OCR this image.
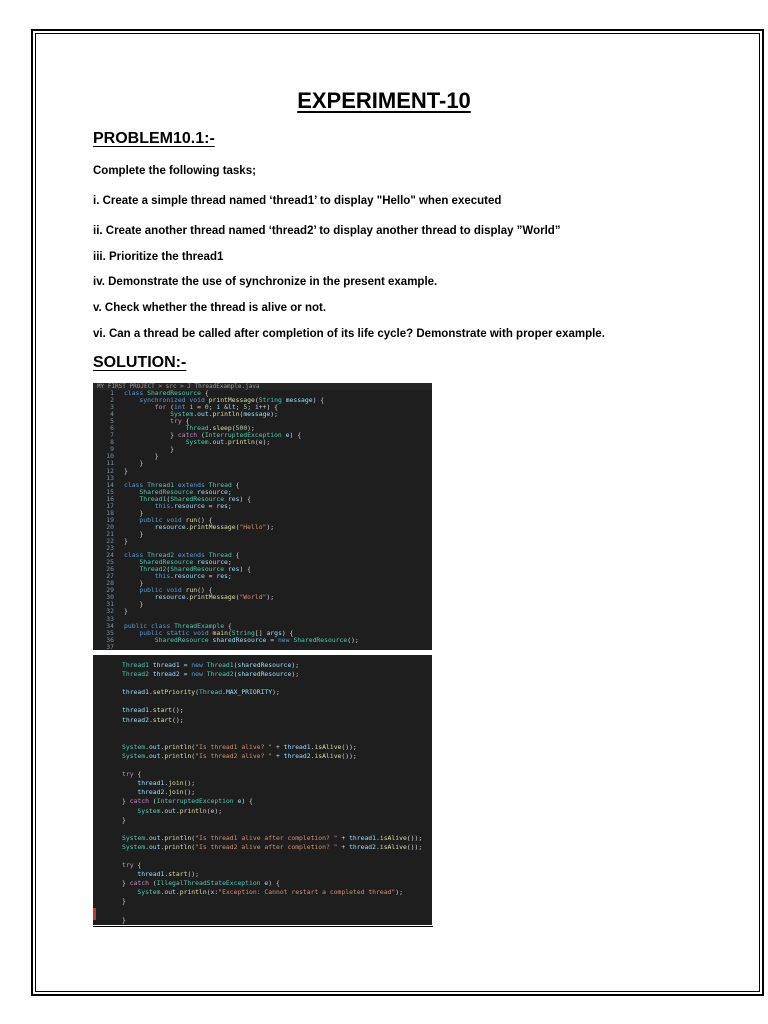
EXPERIMENT-10
PROBLEM10.1:-
Complete the following tasks;
i. Create a simple thread named ‘thread1’ to display "Hello" when executed
ii. Create another thread named ‘thread2’ to display another thread to display ”World”
iii. Prioritize the thread1
iv. Demonstrate the use of synchronize in the present example.
v. Check whether the thread is alive or not.
vi. Can a thread be called after completion of its life cycle? Demonstrate with proper example.
SOLUTION:-
MY FIRST PROJECT > src > J ThreadExample.java
1	class SharedResource {
2	synchronized void printMessage(String message) {
3	for (int i = 0; i &lt; 5; i++) {
4	System.out.println(message);
5	try {
6	Thread.sleep(500);
7	} catch (InterruptedException e) {
8	System.out.println(e);
9	}
10	}
11	}
12	}
13
14	class Thread1 extends Thread {
15	SharedResource resource;
16	Thread1(SharedResource res) {
17	this.resource = res;
18	}
19	public void run() {
20	resource.printMessage("Hello");
21	}
22	}
23
24	class Thread2 extends Thread {
25	SharedResource resource;
26	Thread2(SharedResource res) {
27	this.resource = res;
28	}
29	public void run() {
30	resource.printMessage("World");
31	}
32	}
33
34	public class ThreadExample {
35	public static void main(String[] args) {
36	SharedResource sharedResource = new SharedResource();
37
Thread1 thread1 = new Thread1(sharedResource);
Thread2 thread2 = new Thread2(sharedResource);
thread1.setPriority(Thread.MAX_PRIORITY);
thread1.start();
thread2.start();
System.out.println("Is thread1 alive? " + thread1.isAlive());
System.out.println("Is thread2 alive? " + thread2.isAlive());
try {
thread1.join();
thread2.join();
} catch (InterruptedException e) {
System.out.println(e);
}
System.out.println("Is thread1 alive after completion? " + thread1.isAlive());
System.out.println("Is thread2 alive after completion? " + thread2.isAlive());
try {
thread1.start();
} catch (IllegalThreadStateException e) {
System.out.println(x:"Exception: Cannot restart a completed thread");
}
}
